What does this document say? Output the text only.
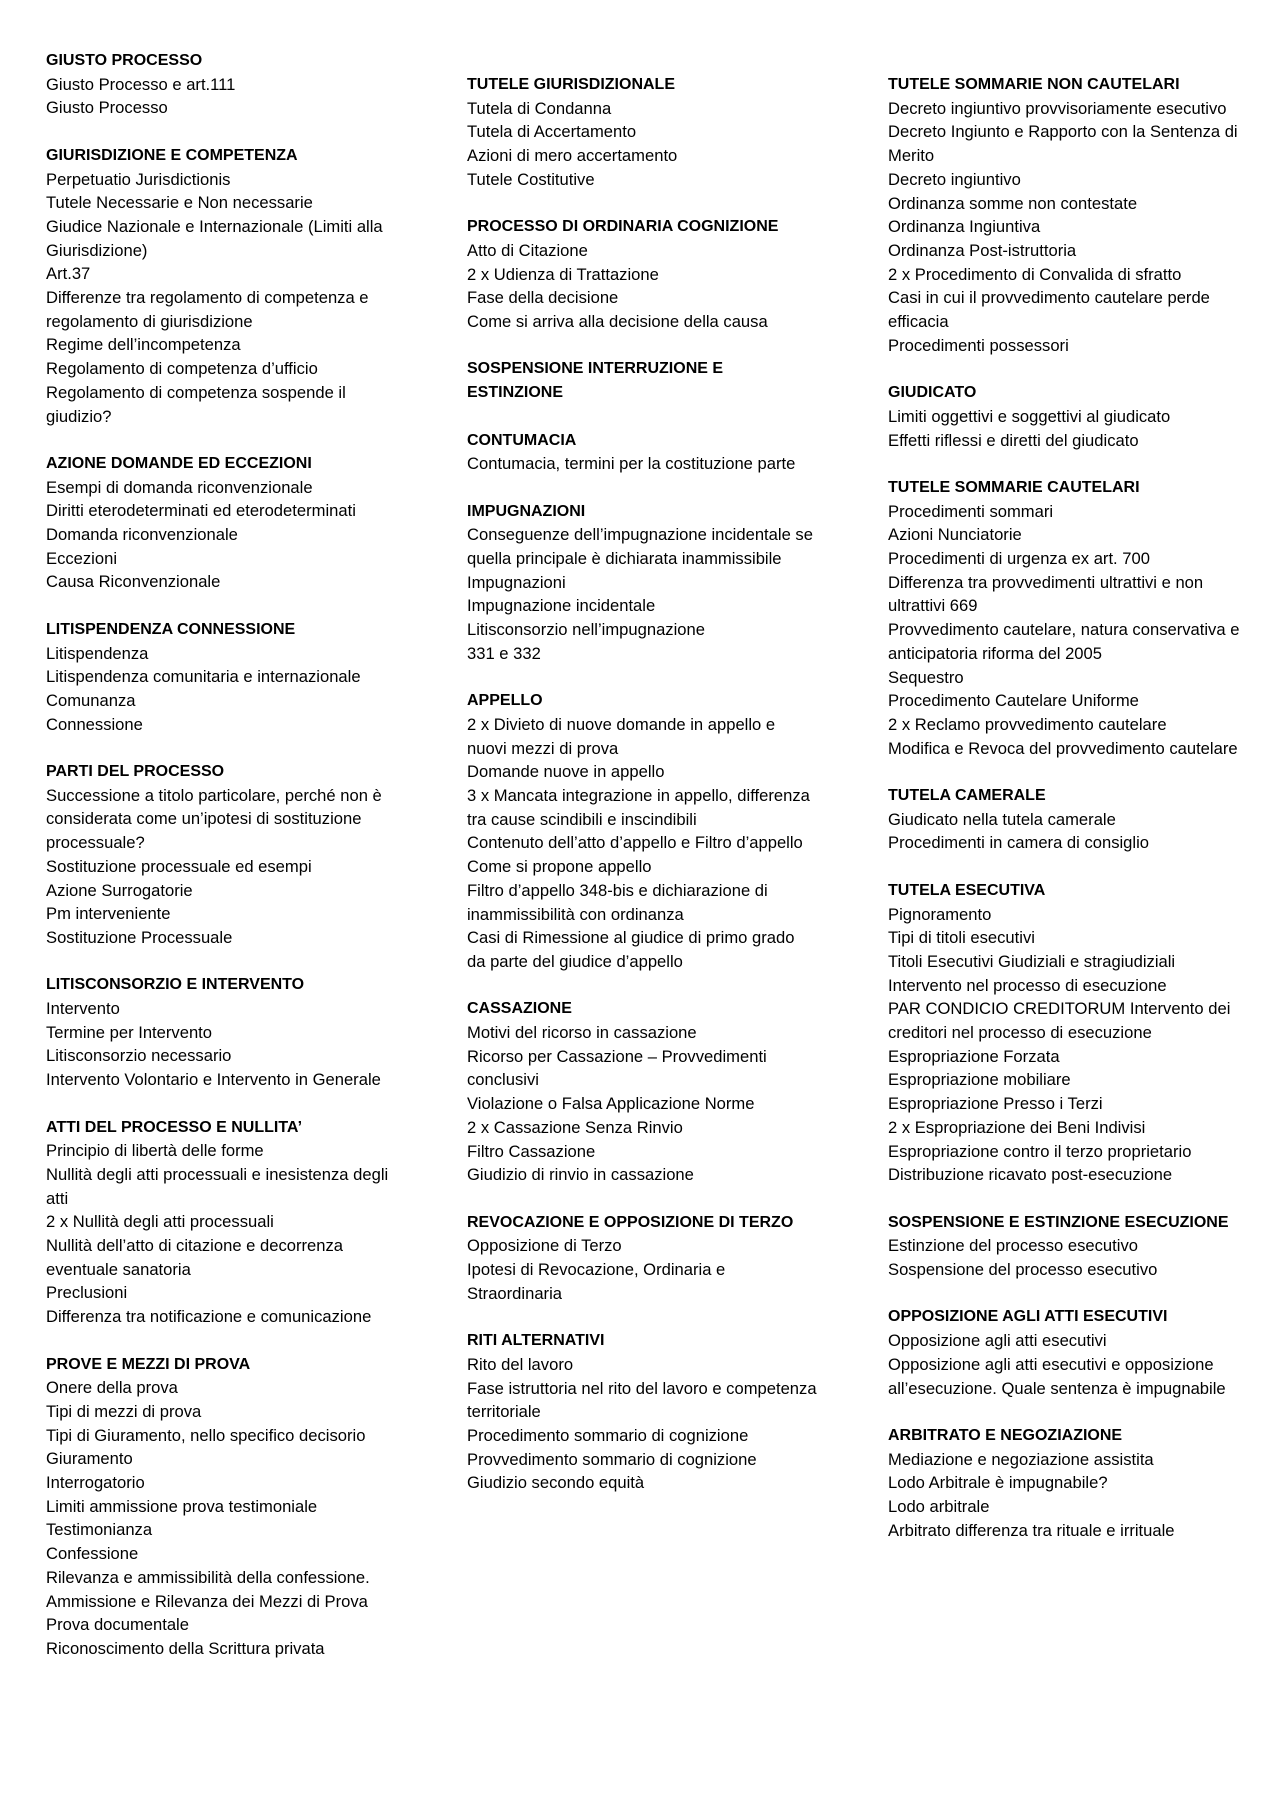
GIUSTO PROCESSO
Giusto Processo e art.111
Giusto Processo
GIURISDIZIONE E COMPETENZA
Perpetuatio Jurisdictionis
Tutele Necessarie e Non necessarie
Giudice Nazionale e Internazionale (Limiti alla Giurisdizione)
Art.37
Differenze tra regolamento di competenza e regolamento di giurisdizione
Regime dell’incompetenza
Regolamento di competenza d’ufficio
Regolamento di competenza sospende il giudizio?
AZIONE DOMANDE ED ECCEZIONI
Esempi di domanda riconvenzionale
Diritti eterodeterminati ed eterodeterminati
Domanda riconvenzionale
Eccezioni
Causa Riconvenzionale
LITISPENDENZA CONNESSIONE
Litispendenza
Litispendenza comunitaria e internazionale
Comunanza
Connessione
PARTI DEL PROCESSO
Successione a titolo particolare, perché non è considerata come un’ipotesi di sostituzione processuale?
Sostituzione processuale ed esempi
Azione Surrogatorie
Pm interveniente
Sostituzione Processuale
LITISCONSORZIO E INTERVENTO
Intervento
Termine per Intervento
Litisconsorzio necessario
Intervento Volontario e Intervento in Generale
ATTI DEL PROCESSO E NULLITA’
Principio di libertà delle forme
Nullità degli atti processuali e inesistenza degli atti
2 x Nullità degli atti processuali
Nullità dell’atto di citazione e decorrenza eventuale sanatoria
Preclusioni
Differenza tra notificazione e comunicazione
PROVE E MEZZI DI PROVA
Onere della prova
Tipi di mezzi di prova
Tipi di Giuramento, nello specifico decisorio
Giuramento
Interrogatorio
Limiti ammissione prova testimoniale
Testimonianza
Confessione
Rilevanza e ammissibilità della confessione.
Ammissione e Rilevanza dei Mezzi di Prova
Prova documentale
Riconoscimento della Scrittura privata
TUTELE GIURISDIZIONALE
Tutela di Condanna
Tutela di Accertamento
Azioni di mero accertamento
Tutele Costitutive
PROCESSO DI ORDINARIA COGNIZIONE
Atto di Citazione
2 x Udienza di Trattazione
Fase della decisione
Come si arriva alla decisione della causa
SOSPENSIONE INTERRUZIONE E ESTINZIONE
CONTUMACIA
Contumacia, termini per la costituzione parte
IMPUGNAZIONI
Conseguenze dell’impugnazione incidentale se quella principale è dichiarata inammissibile
Impugnazioni
Impugnazione incidentale
Litisconsorzio nell’impugnazione
331 e 332
APPELLO
2 x Divieto di nuove domande in appello e nuovi mezzi di prova
Domande nuove in appello
3 x Mancata integrazione in appello, differenza tra cause scindibili e inscindibili
Contenuto dell’atto d’appello e Filtro d’appello
Come si propone appello
Filtro d’appello 348-bis e dichiarazione di inammissibilità con ordinanza
Casi di Rimessione al giudice di primo grado da parte del giudice d’appello
CASSAZIONE
Motivi del ricorso in cassazione
Ricorso per Cassazione – Provvedimenti conclusivi
Violazione o Falsa Applicazione Norme
2 x Cassazione Senza Rinvio
Filtro Cassazione
Giudizio di rinvio in cassazione
REVOCAZIONE E OPPOSIZIONE DI TERZO
Opposizione di Terzo
Ipotesi di Revocazione, Ordinaria e Straordinaria
RITI ALTERNATIVI
Rito del lavoro
Fase istruttoria nel rito del lavoro e competenza territoriale
Procedimento sommario di cognizione
Provvedimento sommario di cognizione
Giudizio secondo equità
TUTELE SOMMARIE NON CAUTELARI
Decreto ingiuntivo provvisoriamente esecutivo
Decreto Ingiunto e Rapporto con la Sentenza di Merito
Decreto ingiuntivo
Ordinanza somme non contestate
Ordinanza Ingiuntiva
Ordinanza Post-istruttoria
2 x Procedimento di Convalida di sfratto
Casi in cui il provvedimento cautelare perde efficacia
Procedimenti possessori
GIUDICATO
Limiti oggettivi e soggettivi al giudicato
Effetti riflessi e diretti del giudicato
TUTELE SOMMARIE CAUTELARI
Procedimenti sommari
Azioni Nunciatorie
Procedimenti di urgenza ex art. 700
Differenza tra provvedimenti ultrattivi e non ultrattivi 669
Provvedimento cautelare, natura conservativa e anticipatoria riforma del 2005
Sequestro
Procedimento Cautelare Uniforme
2 x Reclamo provvedimento cautelare
Modifica e Revoca del provvedimento cautelare
TUTELA CAMERALE
Giudicato nella tutela camerale
Procedimenti in camera di consiglio
TUTELA ESECUTIVA
Pignoramento
Tipi di titoli esecutivi
Titoli Esecutivi Giudiziali e stragiudiziali
Intervento nel processo di esecuzione
PAR CONDICIO CREDITORUM Intervento dei creditori nel processo di esecuzione
Espropriazione Forzata
Espropriazione mobiliare
Espropriazione Presso i Terzi
2 x Espropriazione dei Beni Indivisi
Espropriazione contro il terzo proprietario
Distribuzione ricavato post-esecuzione
SOSPENSIONE E ESTINZIONE ESECUZIONE
Estinzione del processo esecutivo
Sospensione del processo esecutivo
OPPOSIZIONE AGLI ATTI ESECUTIVI
Opposizione agli atti esecutivi
Opposizione agli atti esecutivi e opposizione all’esecuzione. Quale sentenza è impugnabile
ARBITRATO E NEGOZIAZIONE
Mediazione e negoziazione assistita
Lodo Arbitrale è impugnabile?
Lodo arbitrale
Arbitrato differenza tra rituale e irrituale
